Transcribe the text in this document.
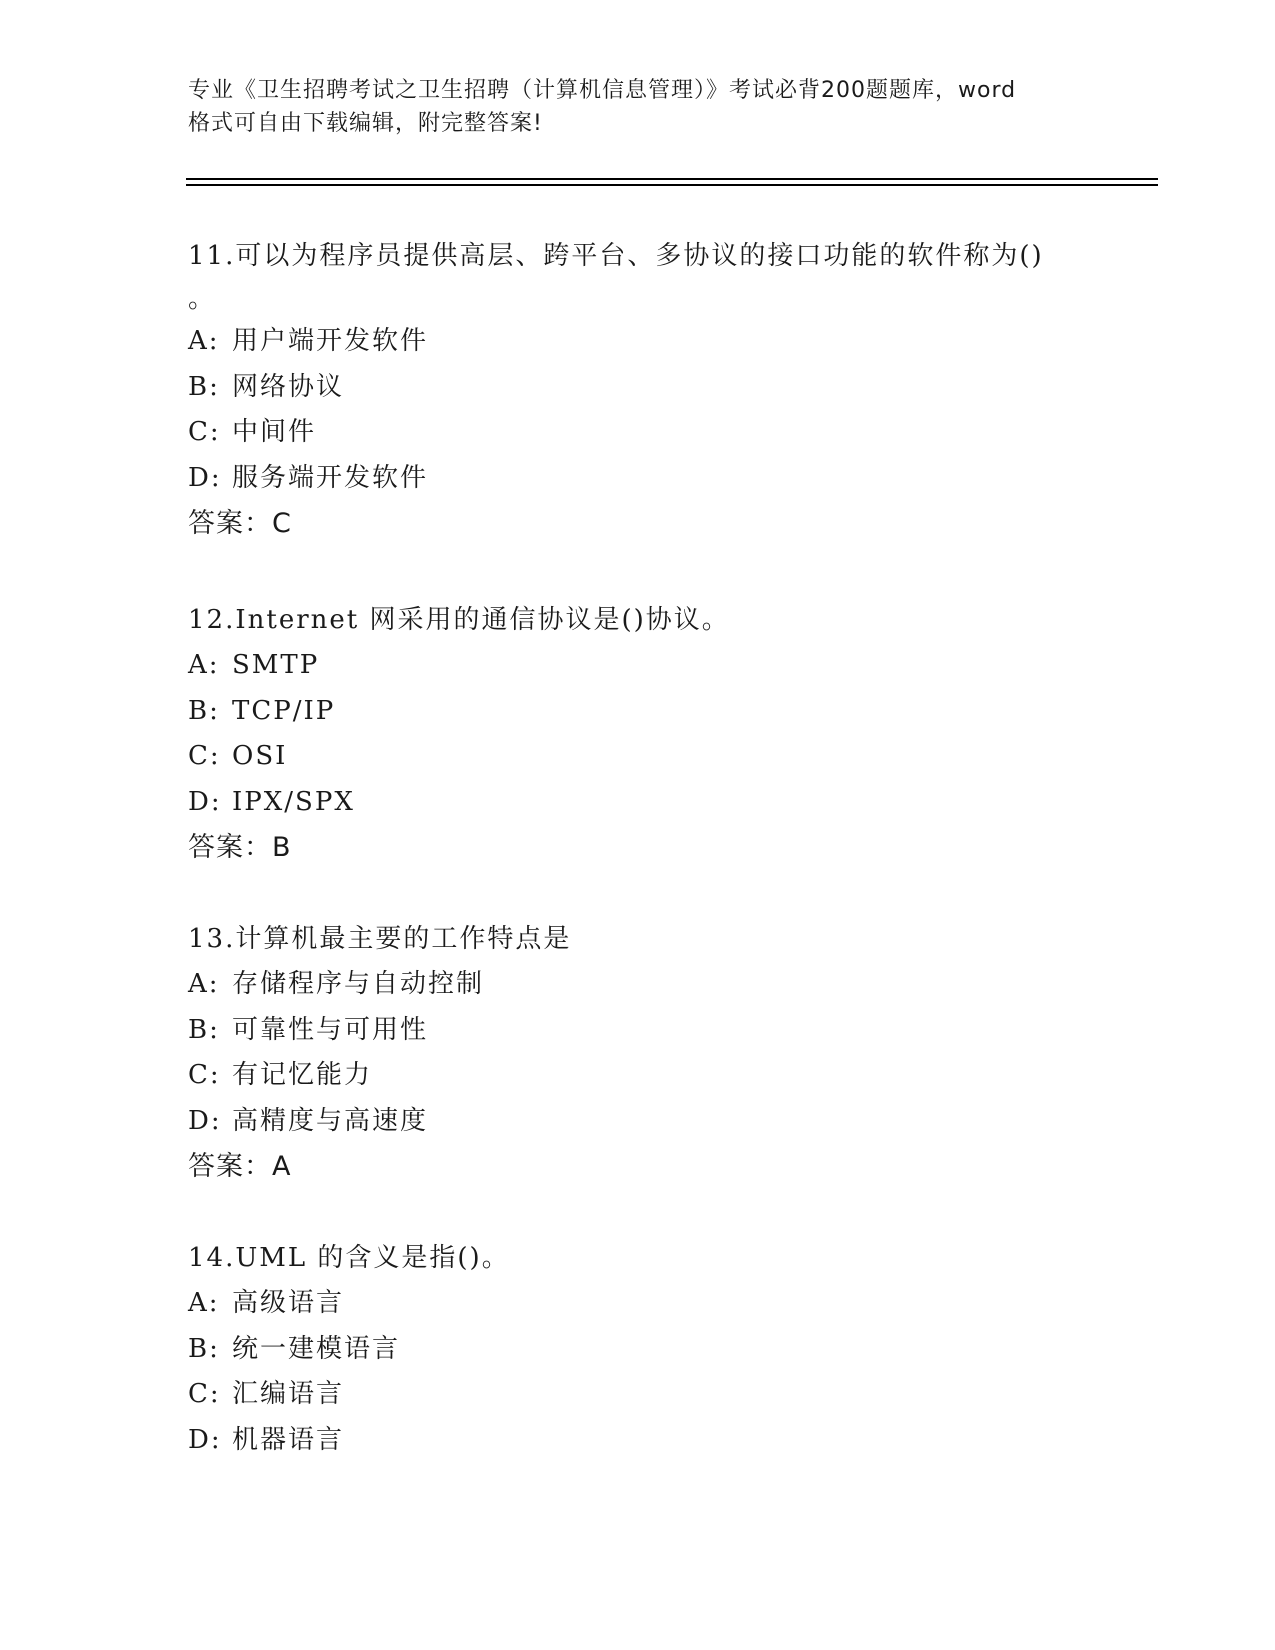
专业《卫生招聘考试之卫生招聘（计算机信息管理）》考试必背200题题库，word
格式可自由下载编辑，附完整答案!
11.可以为程序员提供高层、跨平台、多协议的接口功能的软件称为()
。
A: 用户端开发软件
B: 网络协议
C: 中间件
D: 服务端开发软件
答案：C
12.Internet 网采用的通信协议是()协议。
A: SMTP
B: TCP/IP
C: OSI
D: IPX/SPX
答案：B
13.计算机最主要的工作特点是
A: 存储程序与自动控制
B: 可靠性与可用性
C: 有记忆能力
D: 高精度与高速度
答案：A
14.UML 的含义是指()。
A: 高级语言
B: 统一建模语言
C: 汇编语言
D: 机器语言
